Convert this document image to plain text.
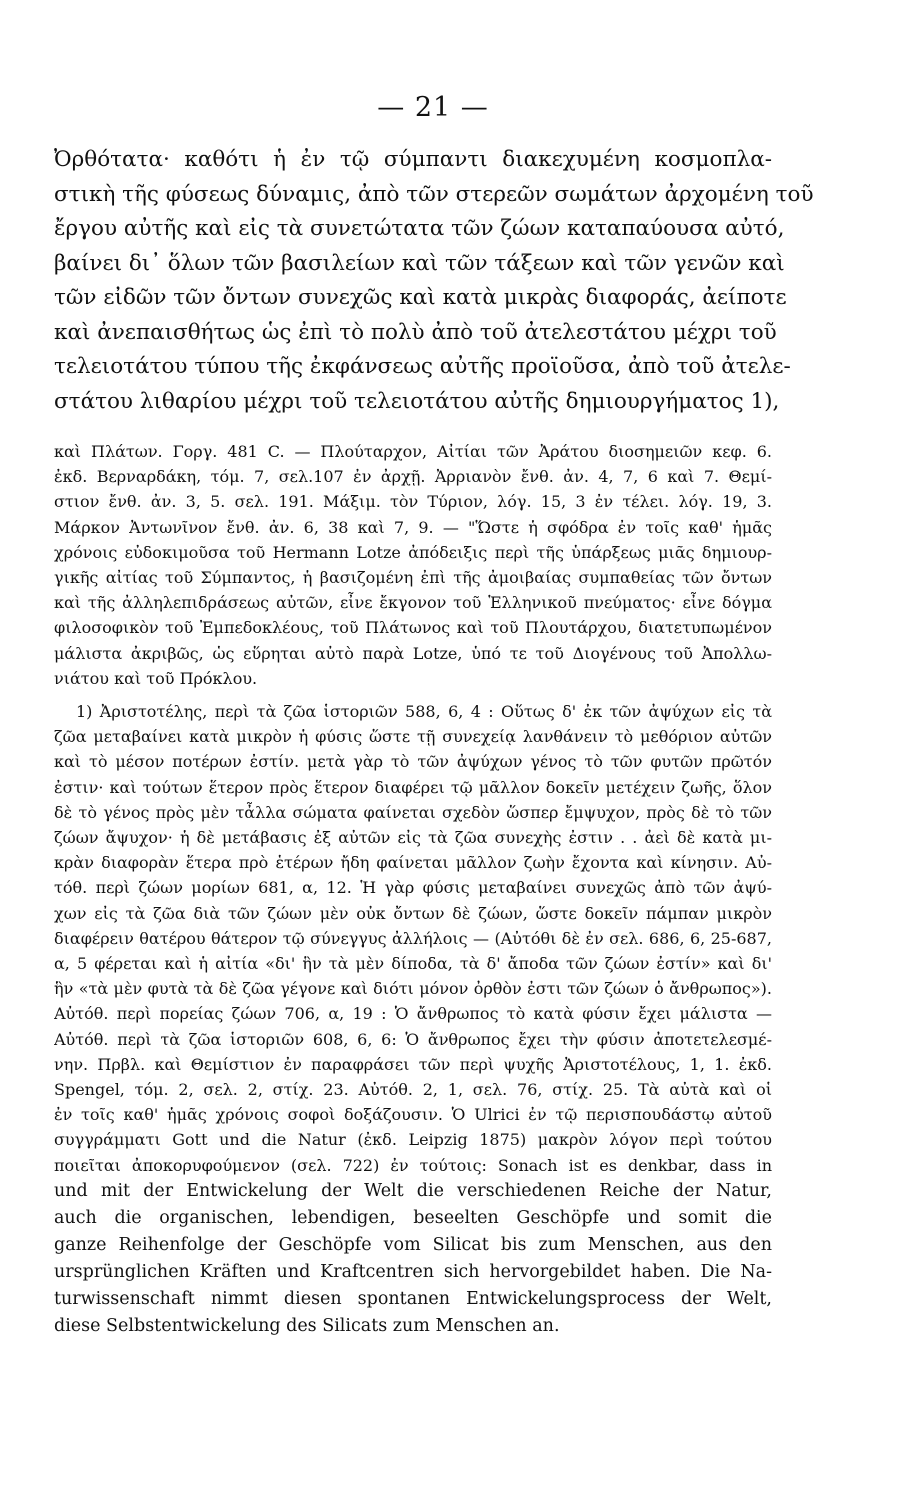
— 21 —
Ὀρθότατα· καθότι ἡ ἐν τῷ σύμπαντι διακεχυμένη κοσμοπλα-
στικὴ τῆς φύσεως δύναμις, ἀπὸ τῶν στερεῶν σωμάτων ἀρχομένη τοῦ
ἔργου αὐτῆς καὶ εἰς τὰ συνετώτατα τῶν ζώων καταπαύουσα αὐτό,
βαίνει δι᾿ ὅλων τῶν βασιλείων καὶ τῶν τάξεων καὶ τῶν γενῶν καὶ
τῶν εἰδῶν τῶν ὄντων συνεχῶς καὶ κατὰ μικρὰς διαφοράς, ἀείποτε
καὶ ἀνεπαισθήτως ὡς ἐπὶ τὸ πολὺ ἀπὸ τοῦ ἀτελεστάτου μέχρι τοῦ
τελειοτάτου τύπου τῆς ἐκφάνσεως αὐτῆς προϊοῦσα, ἀπὸ τοῦ ἀτελε-
στάτου λιθαρίου μέχρι τοῦ τελειοτάτου αὐτῆς δημιουργήματος 1),
καὶ Πλάτων. Γοργ. 481 C. — Πλούταρχον, Αἰτίαι τῶν Ἀράτου διοσημειῶν κεφ. 6.
ἐκδ. Βερναρδάκη, τόμ. 7, σελ.107 ἐν ἀρχῇ. Ἀρριανὸν ἔνθ. ἀν. 4, 7, 6 καὶ 7. Θεμί-
στιον ἔνθ. ἀν. 3, 5. σελ. 191. Μάξιμ. τὸν Τύριον, λόγ. 15, 3 ἐν τέλει. λόγ. 19, 3.
Μάρκον Ἀντωνῖνον ἔνθ. ἀν. 6, 38 καὶ 7, 9. — "Ὥστε ἡ σφόδρα ἐν τοῖς καθ' ἡμᾶς
χρόνοις εὐδοκιμοῦσα τοῦ Hermann Lotze ἀπόδειξις περὶ τῆς ὑπάρξεως μιᾶς δημιουρ-
γικῆς αἰτίας τοῦ Σύμπαντος, ἡ βασιζομένη ἐπὶ τῆς ἀμοιβαίας συμπαθείας τῶν ὄντων
καὶ τῆς ἀλληλεπιδράσεως αὐτῶν, εἶνε ἔκγονον τοῦ Ἑλληνικοῦ πνεύματος· εἶνε δόγμα
φιλοσοφικὸν τοῦ Ἐμπεδοκλέους, τοῦ Πλάτωνος καὶ τοῦ Πλουτάρχου, διατετυπωμένον
μάλιστα ἀκριβῶς, ὡς εὕρηται αὐτὸ παρὰ Lotze, ὑπό τε τοῦ Διογένους τοῦ Ἀπολλω-
νιάτου καὶ τοῦ Πρόκλου.
1) Ἀριστοτέλης, περὶ τὰ ζῶα ἱστοριῶν 588, 6, 4 : Οὕτως δ' ἐκ τῶν ἀψύχων εἰς τὰ
ζῶα μεταβαίνει κατὰ μικρὸν ἡ φύσις ὥστε τῇ συνεχείᾳ λανθάνειν τὸ μεθόριον αὐτῶν
καὶ τὸ μέσον ποτέρων ἐστίν. μετὰ γὰρ τὸ τῶν ἀψύχων γένος τὸ τῶν φυτῶν πρῶτόν
ἐστιν· καὶ τούτων ἕτερον πρὸς ἕτερον διαφέρει τῷ μᾶλλον δοκεῖν μετέχειν ζωῆς, ὅλον
δὲ τὸ γένος πρὸς μὲν τἆλλα σώματα φαίνεται σχεδὸν ὥσπερ ἔμψυχον, πρὸς δὲ τὸ τῶν
ζώων ἄψυχον· ἡ δὲ μετάβασις ἐξ αὐτῶν εἰς τὰ ζῶα συνεχὴς ἐστιν . . ἀεὶ δὲ κατὰ μι-
κρὰν διαφορὰν ἕτερα πρὸ ἑτέρων ἤδη φαίνεται μᾶλλον ζωὴν ἔχοντα καὶ κίνησιν. Αὐ-
τόθ. περὶ ζώων μορίων 681, α, 12. Ἡ γὰρ φύσις μεταβαίνει συνεχῶς ἀπὸ τῶν ἀψύ-
χων εἰς τὰ ζῶα διὰ τῶν ζώων μὲν οὐκ ὄντων δὲ ζώων, ὥστε δοκεῖν πάμπαν μικρὸν
διαφέρειν θατέρου θάτερον τῷ σύνεγγυς ἀλλήλοις — (Αὐτόθι δὲ ἐν σελ. 686, 6, 25-687,
α, 5 φέρεται καὶ ἡ αἰτία «δι' ἣν τὰ μὲν δίποδα, τὰ δ' ἄποδα τῶν ζώων ἐστίν» καὶ δι'
ἣν «τὰ μὲν φυτὰ τὰ δὲ ζῶα γέγονε καὶ διότι μόνον ὀρθὸν ἐστι τῶν ζώων ὁ ἄνθρωπος»).
Αὐτόθ. περὶ πορείας ζώων 706, α, 19 : Ὁ ἄνθρωπος τὸ κατὰ φύσιν ἔχει μάλιστα —
Αὐτόθ. περὶ τὰ ζῶα ἱστοριῶν 608, 6, 6: Ὁ ἄνθρωπος ἔχει τὴν φύσιν ἀποτετελεσμέ-
νην. Πρβλ. καὶ Θεμίστιον ἐν παραφράσει τῶν περὶ ψυχῆς Ἀριστοτέλους, 1, 1. ἐκδ.
Spengel, τόμ. 2, σελ. 2, στίχ. 23. Αὐτόθ. 2, 1, σελ. 76, στίχ. 25. Τὰ αὐτὰ καὶ οἱ
ἐν τοῖς καθ' ἡμᾶς χρόνοις σοφοὶ δοξάζουσιν. Ὁ Ulrici ἐν τῷ περισπουδάστῳ αὐτοῦ
συγγράμματι Gott und die Natur (ἐκδ. Leipzig 1875) μακρὸν λόγον περὶ τούτου
ποιεῖται ἀποκορυφούμενον (σελ. 722) ἐν τούτοις: Sonach ist es denkbar, dass in
und mit der Entwickelung der Welt die verschiedenen Reiche der Natur,
auch die organischen, lebendigen, beseelten Geschöpfe und somit die
ganze Reihenfolge der Geschöpfe vom Silicat bis zum Menschen, aus den
ursprünglichen Kräften und Kraftcentren sich hervorgebildet haben. Die Na-
turwissenschaft nimmt diesen spontanen Entwickelungsprocess der Welt,
diese Selbstentwickelung des Silicats zum Menschen an.
